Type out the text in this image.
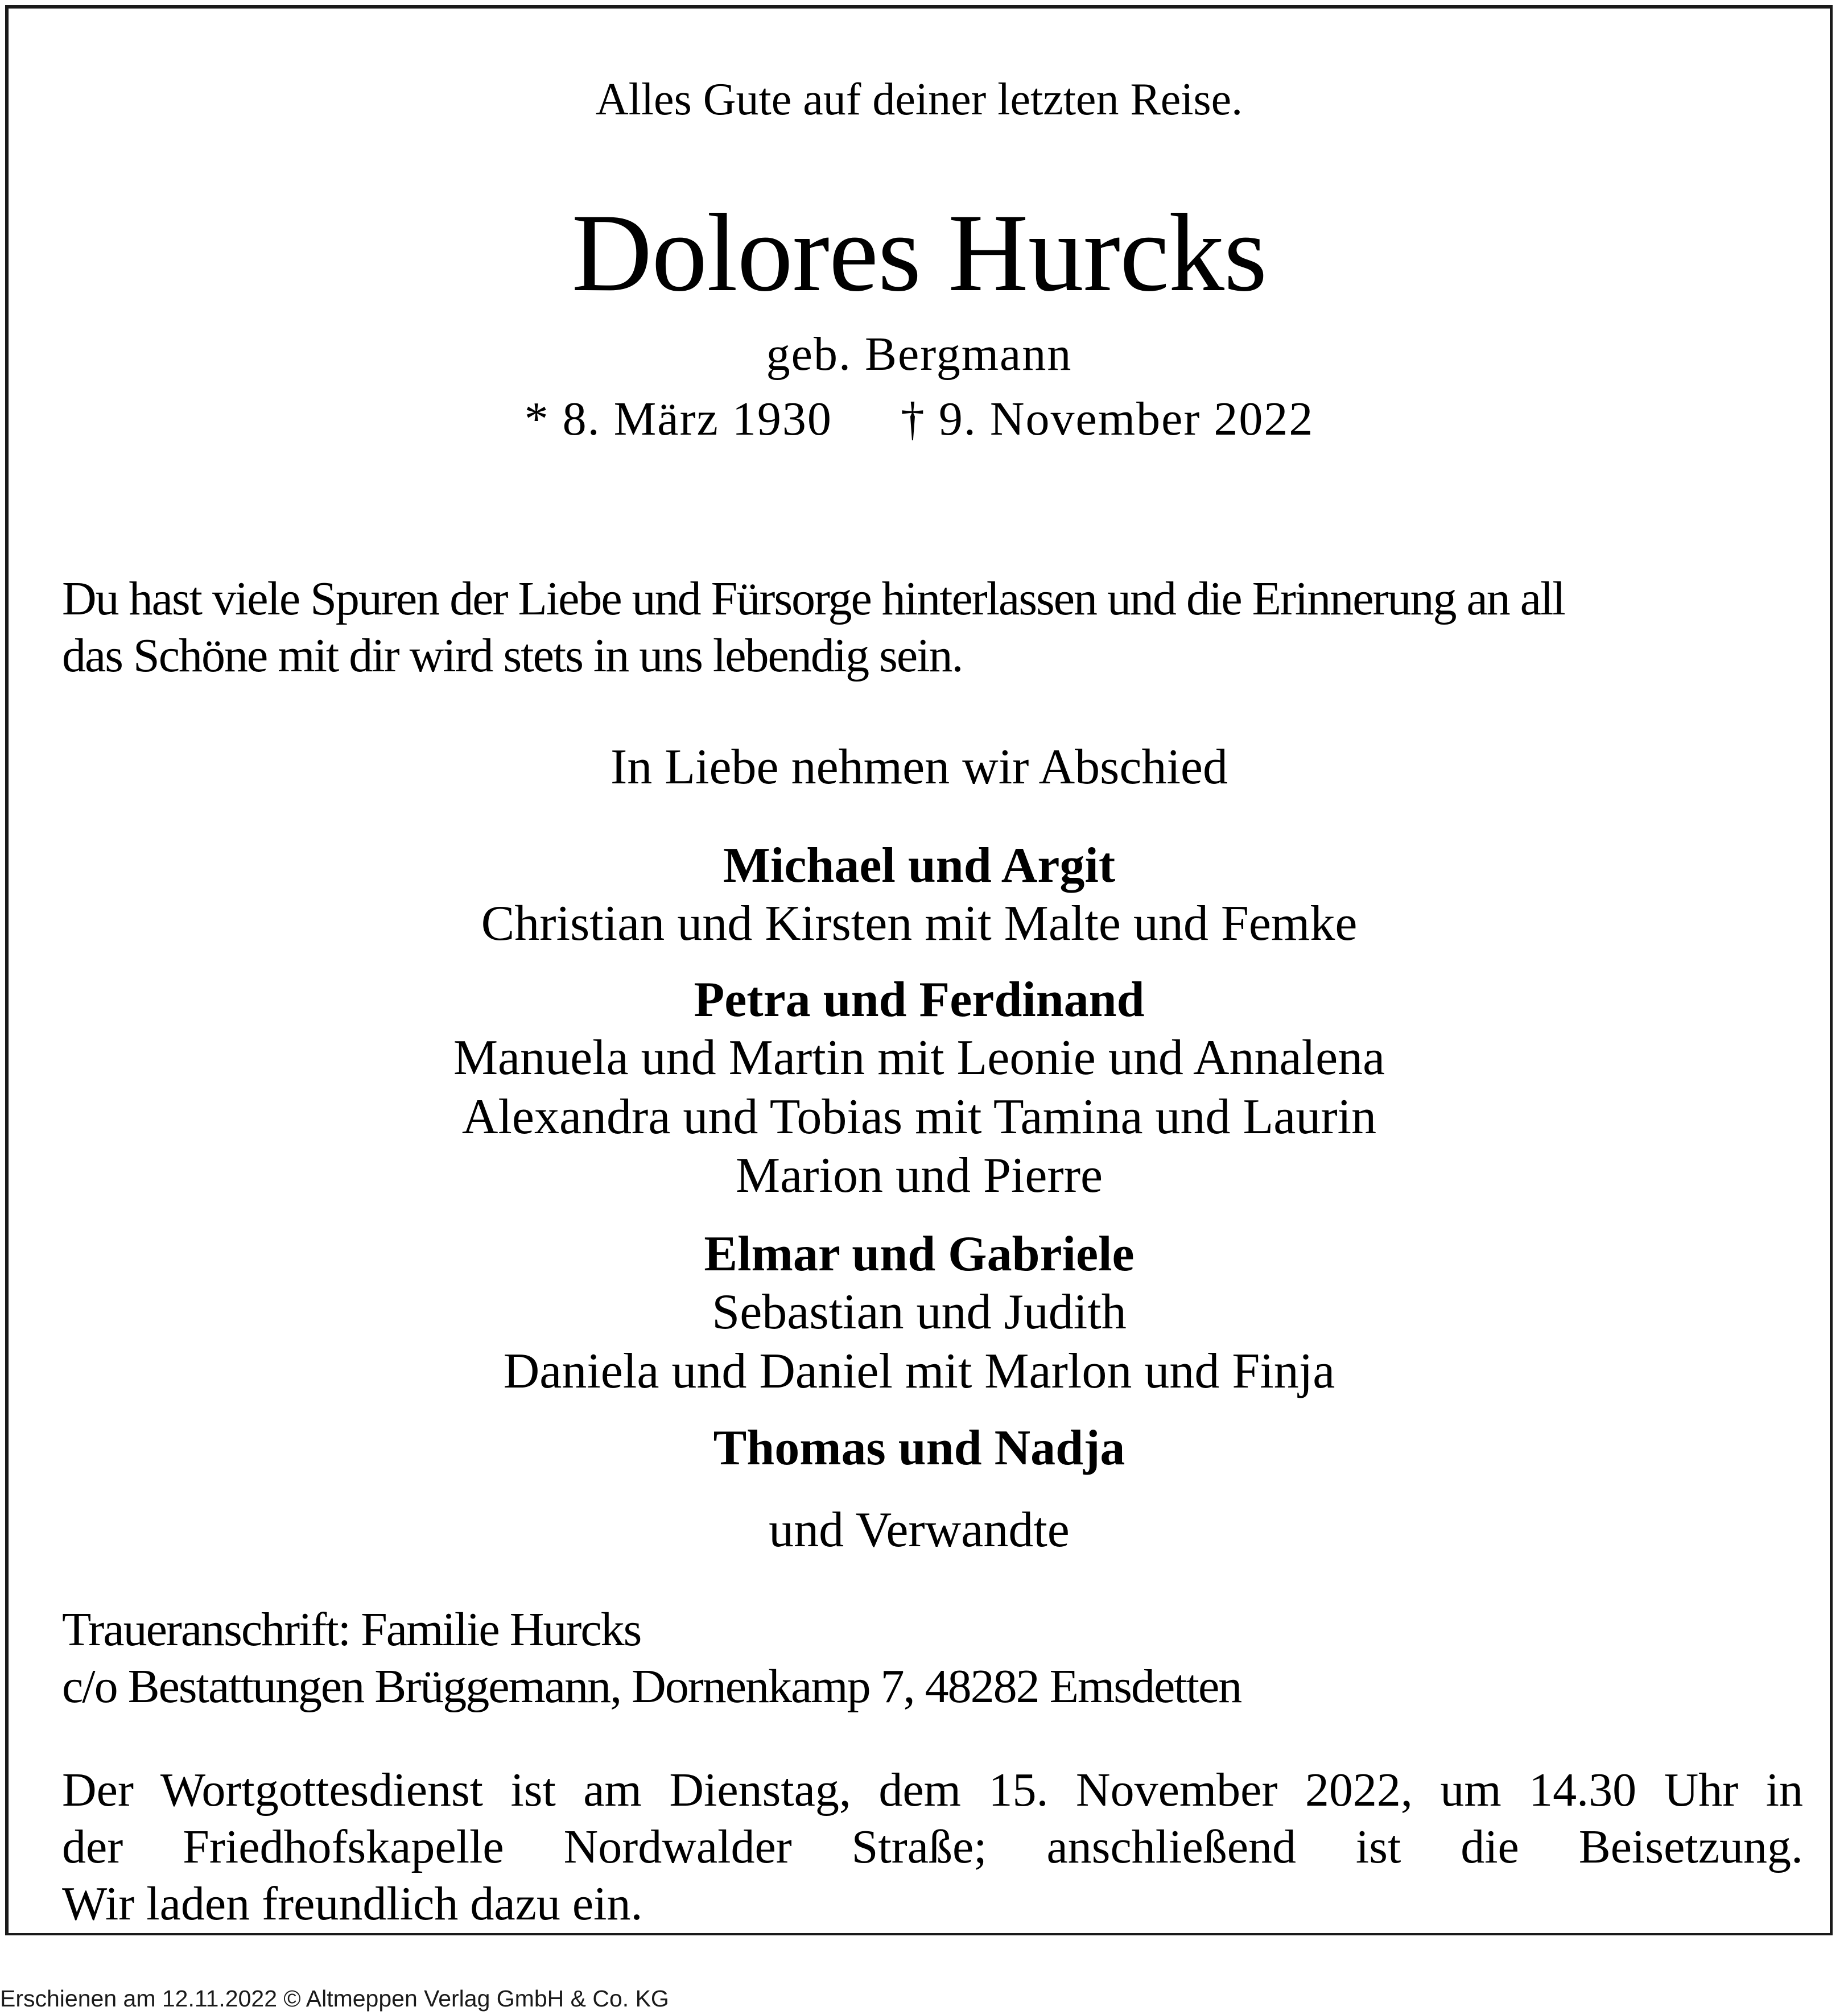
Alles Gute auf deiner letzten Reise.
Dolores Hurcks
geb. Bergmann
* 8. März 1930 † 9. November 2022
Du hast viele Spuren der Liebe und Fürsorge hinterlassen und die Erinnerung an all
das Schöne mit dir wird stets in uns lebendig sein.
In Liebe nehmen wir Abschied
Michael und Argit
Christian und Kirsten mit Malte und Femke
Petra und Ferdinand
Manuela und Martin mit Leonie und Annalena
Alexandra und Tobias mit Tamina und Laurin
Marion und Pierre
Elmar und Gabriele
Sebastian und Judith
Daniela und Daniel mit Marlon und Finja
Thomas und Nadja
und Verwandte
Traueranschrift: Familie Hurcks
c/o Bestattungen Brüggemann, Dornenkamp 7, 48282 Emsdetten
Der Wortgottesdienst ist am Dienstag, dem 15. November 2022, um 14.30 Uhr in
der Friedhofskapelle Nordwalder Straße; anschließend ist die Beisetzung.
Wir laden freundlich dazu ein.
Erschienen am 12.11.2022 © Altmeppen Verlag GmbH & Co. KG
